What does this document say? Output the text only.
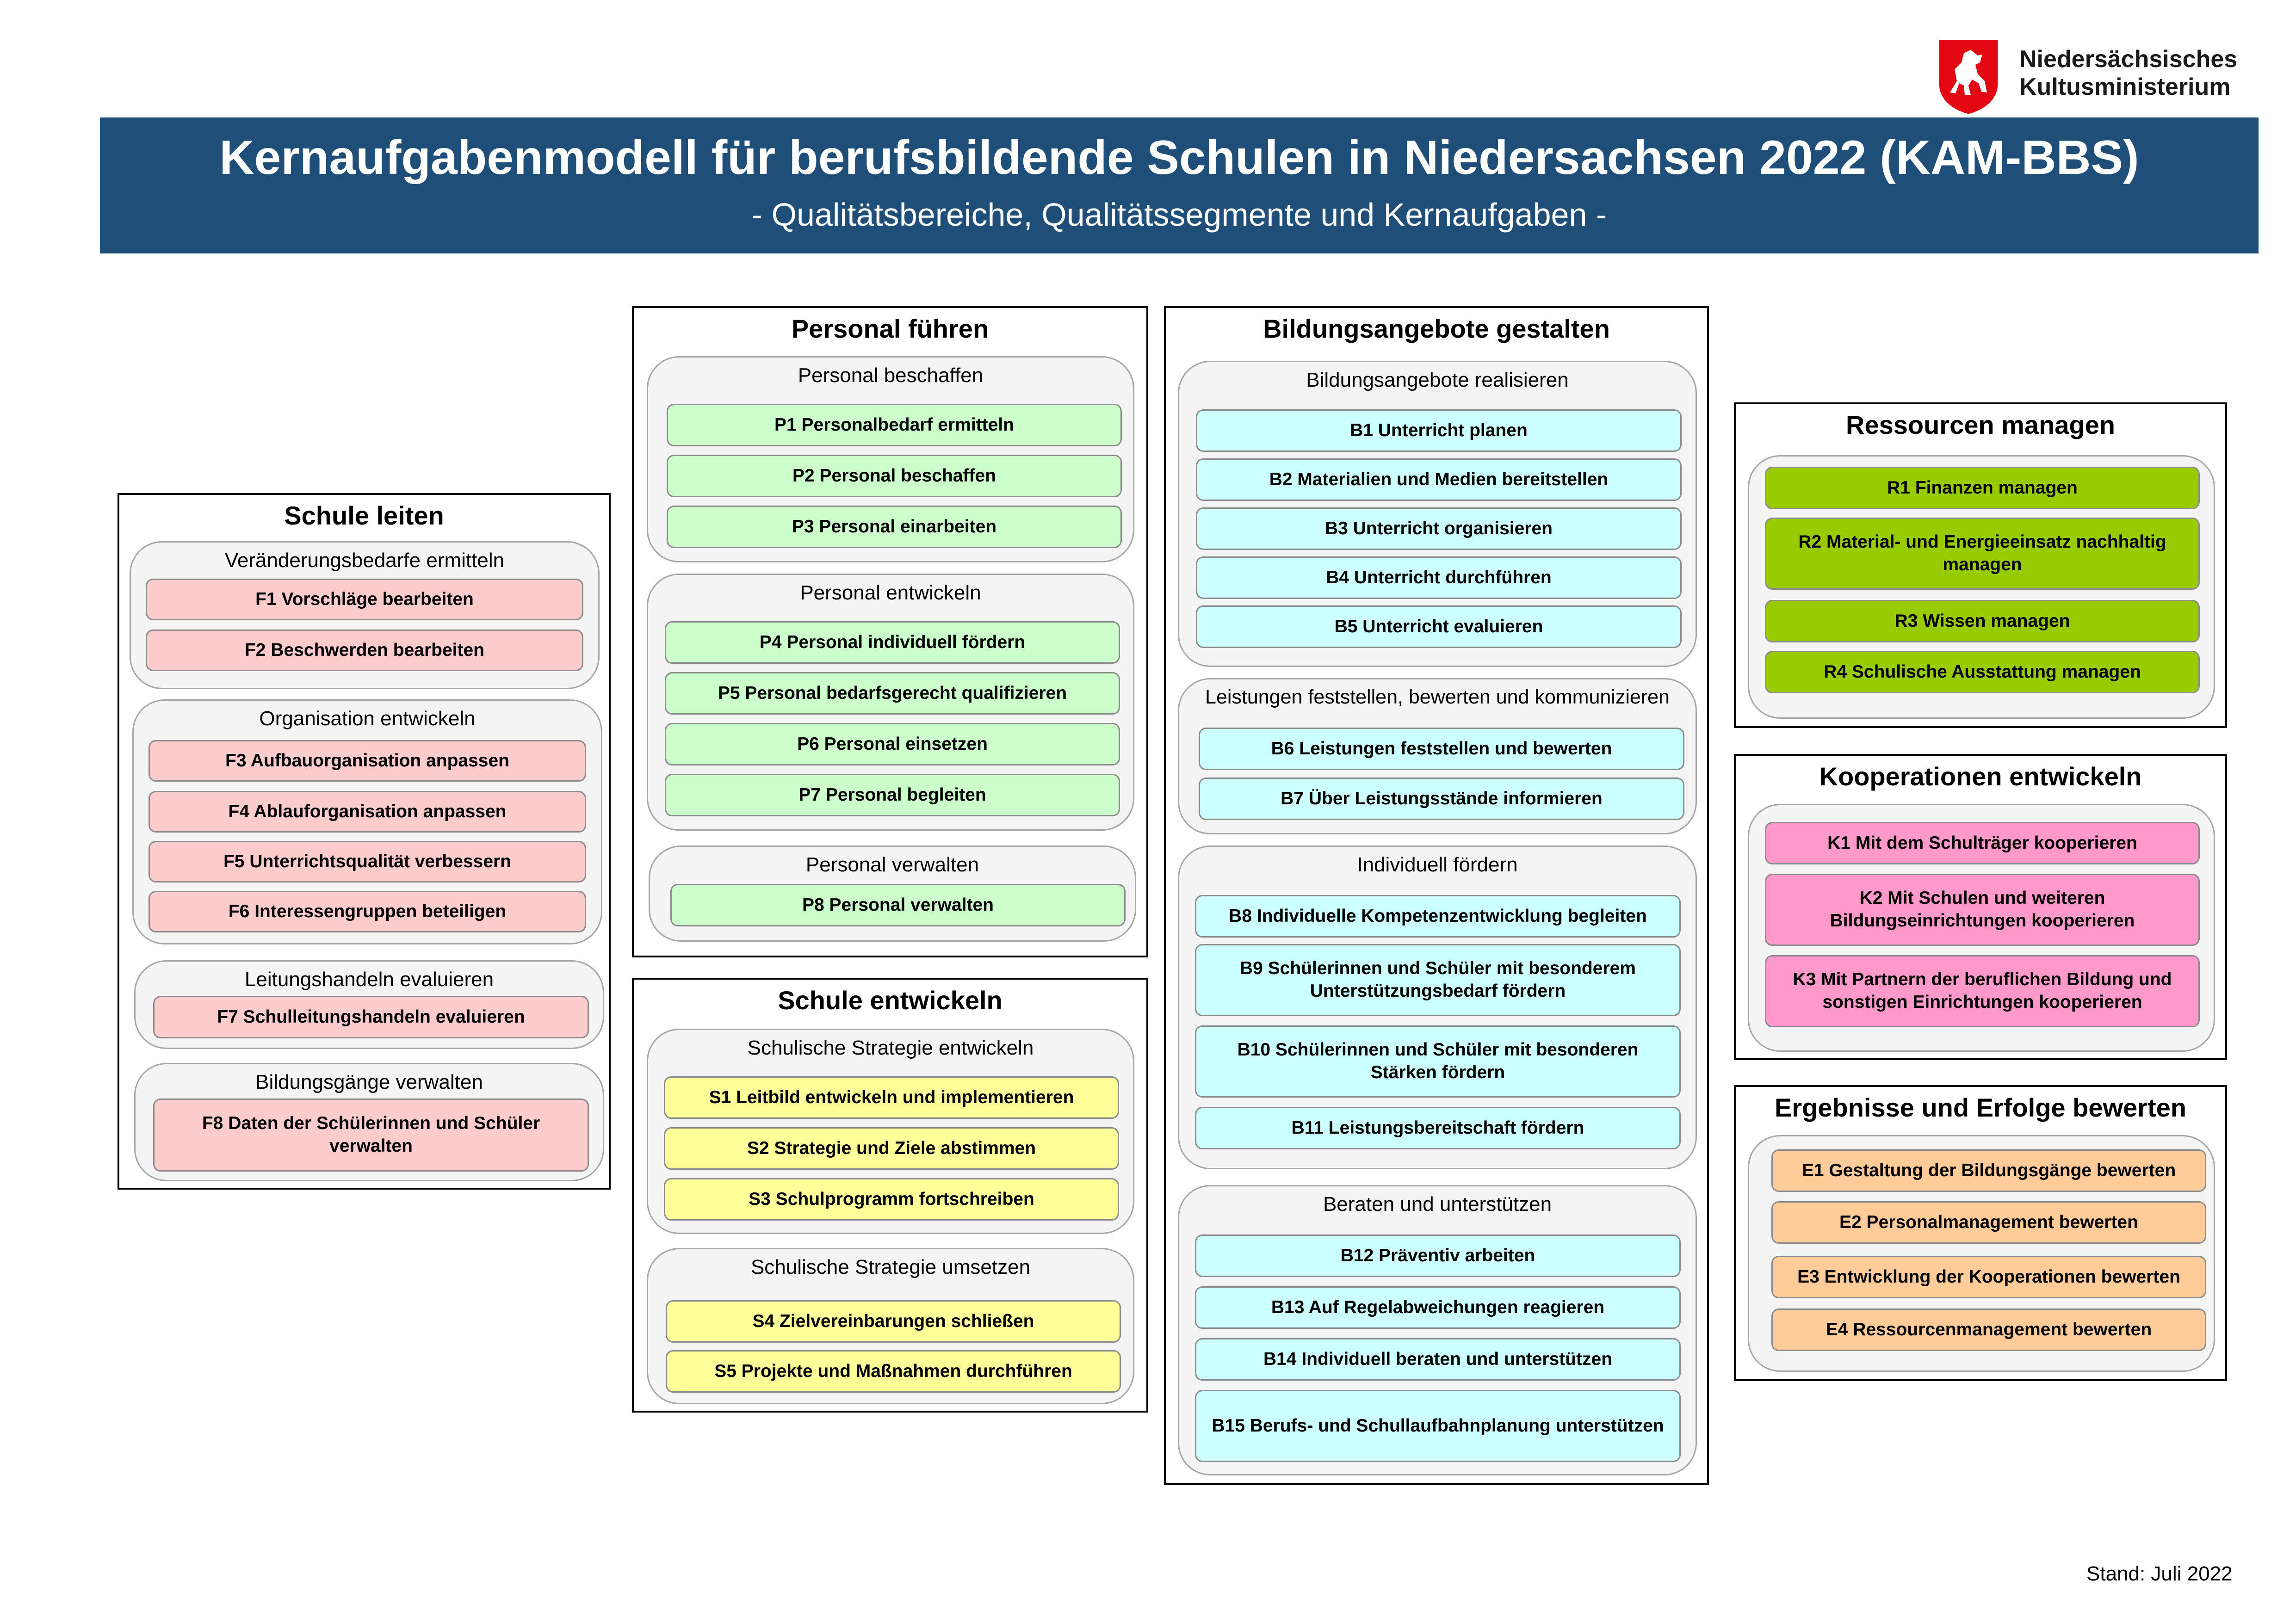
Niedersächsisches
Kultusministerium
Kernaufgabenmodell für berufsbildende Schulen in Niedersachsen 2022 (KAM-BBS)
- Qualitätsbereiche, Qualitätssegmente und Kernaufgaben -
Schule leiten
Veränderungsbedarfe ermitteln
F1 Vorschläge bearbeiten
F2 Beschwerden bearbeiten
Organisation entwickeln
F3 Aufbauorganisation anpassen
F4 Ablauforganisation anpassen
F5 Unterrichtsqualität verbessern
F6 Interessengruppen beteiligen
Leitungshandeln evaluieren
F7 Schulleitungshandeln evaluieren
Bildungsgänge verwalten
F8 Daten der Schülerinnen und Schüler verwalten
Personal führen
Personal beschaffen
P1 Personalbedarf ermitteln
P2 Personal beschaffen
P3 Personal einarbeiten
Personal entwickeln
P4 Personal individuell fördern
P5 Personal bedarfsgerecht qualifizieren
P6 Personal einsetzen
P7 Personal begleiten
Personal verwalten
P8 Personal verwalten
Schule entwickeln
Schulische Strategie entwickeln
S1 Leitbild entwickeln und implementieren
S2 Strategie und Ziele abstimmen
S3 Schulprogramm fortschreiben
Schulische Strategie umsetzen
S4 Zielvereinbarungen schließen
S5 Projekte und Maßnahmen durchführen
Bildungsangebote gestalten
Bildungsangebote realisieren
B1 Unterricht planen
B2 Materialien und Medien bereitstellen
B3 Unterricht organisieren
B4 Unterricht durchführen
B5 Unterricht evaluieren
Leistungen feststellen, bewerten und kommunizieren
B6 Leistungen feststellen und bewerten
B7 Über Leistungsstände informieren
Individuell fördern
B8 Individuelle Kompetenzentwicklung begleiten
B9 Schülerinnen und Schüler mit besonderem Unterstützungsbedarf fördern
B10 Schülerinnen und Schüler mit besonderen Stärken fördern
B11 Leistungsbereitschaft fördern
Beraten und unterstützen
B12 Präventiv arbeiten
B13 Auf Regelabweichungen reagieren
B14 Individuell beraten und unterstützen
B15 Berufs- und Schullaufbahnplanung unterstützen
Ressourcen managen
R1 Finanzen managen
R2 Material- und Energieeinsatz nachhaltig managen
R3 Wissen managen
R4 Schulische Ausstattung managen
Kooperationen entwickeln
K1 Mit dem Schulträger kooperieren
K2 Mit Schulen und weiteren Bildungseinrichtungen kooperieren
K3 Mit Partnern der beruflichen Bildung und sonstigen Einrichtungen kooperieren
Ergebnisse und Erfolge bewerten
E1 Gestaltung der Bildungsgänge bewerten
E2 Personalmanagement bewerten
E3 Entwicklung der Kooperationen bewerten
E4 Ressourcenmanagement bewerten
Stand: Juli 2022
